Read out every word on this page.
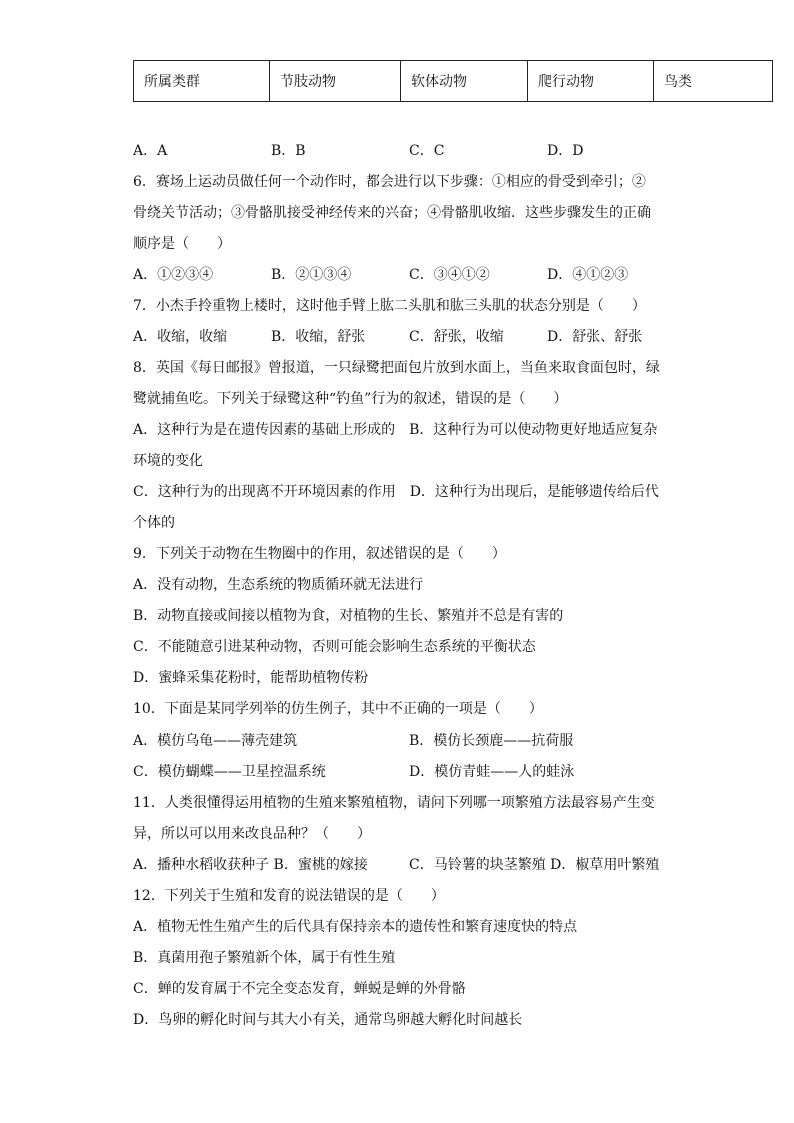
所属类群	节肢动物	软体动物	爬行动物	鸟类
A．A	B．B	C．C	D．D
6．赛场上运动员做任何一个动作时，都会进行以下步骤：①相应的骨受到牵引；②
骨绕关节活动；③骨骼肌接受神经传来的兴奋；④骨骼肌收缩．这些步骤发生的正确
顺序是（　　）
A．①②③④	B．②①③④	C．③④①②	D．④①②③
7．小杰手拎重物上楼时，这时他手臂上肱二头肌和肱三头肌的状态分别是（　　）
A．收缩，收缩	B．收缩，舒张	C．舒张，收缩	D．舒张、舒张
8．英国《每日邮报》曾报道，一只绿鹭把面包片放到水面上，当鱼来取食面包时，绿
鹭就捕鱼吃。下列关于绿鹭这种“钓鱼”行为的叙述，错误的是（　　）
A．这种行为是在遗传因素的基础上形成的　B．这种行为可以使动物更好地适应复杂
环境的变化
C．这种行为的出现离不开环境因素的作用　D．这种行为出现后，是能够遗传给后代
个体的
9．下列关于动物在生物圈中的作用，叙述错误的是（　　）
A．没有动物，生态系统的物质循环就无法进行
B．动物直接或间接以植物为食，对植物的生长、繁殖并不总是有害的
C．不能随意引进某种动物，否则可能会影响生态系统的平衡状态
D．蜜蜂采集花粉时，能帮助植物传粉
10．下面是某同学列举的仿生例子，其中不正确的一项是（　　）
A．模仿乌龟——薄壳建筑	B．模仿长颈鹿——抗荷服
C．模仿蝴蝶——卫星控温系统	D．模仿青蛙——人的蛙泳
11．人类很懂得运用植物的生殖来繁殖植物，请问下列哪一项繁殖方法最容易产生变
异，所以可以用来改良品种？（　　）
A．播种水稻收获种子 B．蜜桃的嫁接	C．马铃薯的块茎繁殖 D．椒草用叶繁殖
12．下列关于生殖和发育的说法错误的是（　　）
A．植物无性生殖产生的后代具有保持亲本的遗传性和繁育速度快的特点
B．真菌用孢子繁殖新个体，属于有性生殖
C．蝉的发育属于不完全变态发育，蝉蜕是蝉的外骨骼
D．鸟卵的孵化时间与其大小有关，通常鸟卵越大孵化时间越长
